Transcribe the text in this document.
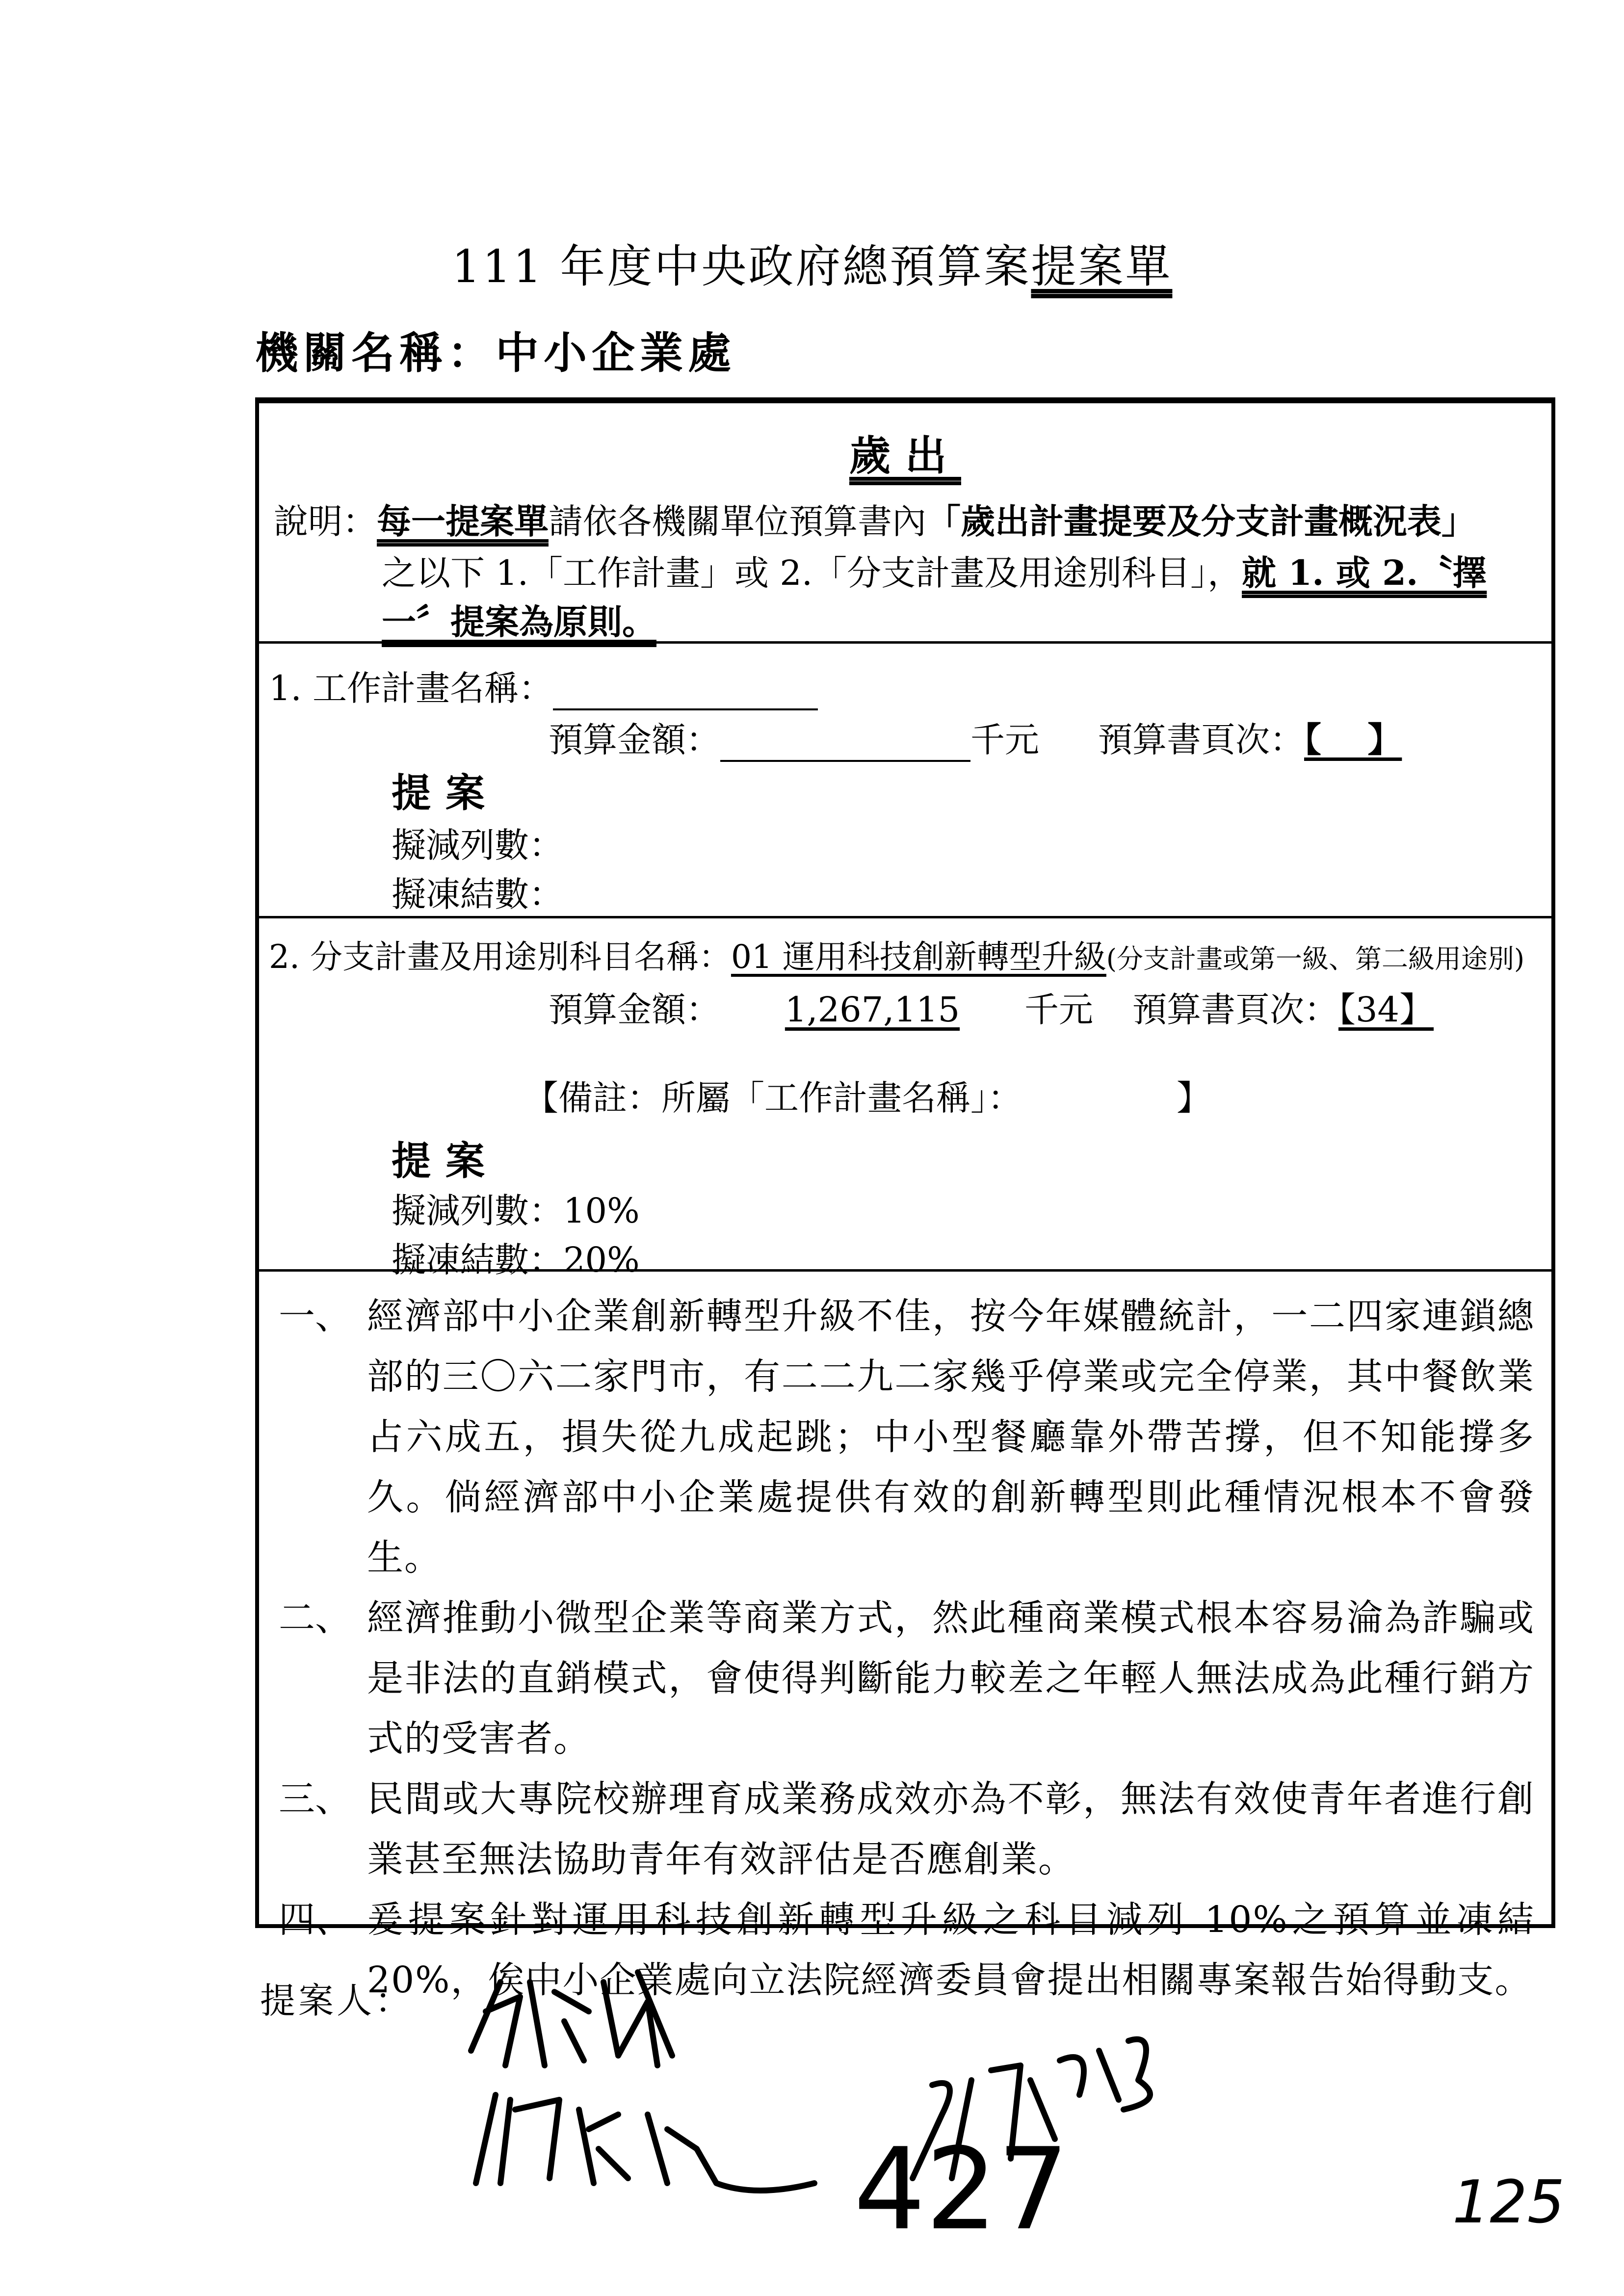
111 年度中央政府總預算案提案單
機關名稱：中小企業處
歲出
說明：每一提案單請依各機關單位預算書內「歲出計畫提要及分支計畫概況表」
之以下 1.「工作計畫」或 2.「分支計畫及用途別科目」，就 1. 或 2.〝擇
一〞提案為原則。
1. 工作計畫名稱：
預算金額：	千元 預算書頁次：【　 】
提案
擬減列數：
擬凍結數：
2. 分支計畫及用途別科目名稱：01 運用科技創新轉型升級(分支計畫或第一級、第二級用途別)
預算金額： 1,267,115 千元 預算書頁次：【34】
【備註：所屬「工作計畫名稱」：　　　　　】
提案
擬減列數：10%
擬凍結數：20%
一、 經濟部中小企業創新轉型升級不佳，按今年媒體統計，一二四家連鎖總部的三〇六二家門市，有二二九二家幾乎停業或完全停業，其中餐飲業占六成五，損失從九成起跳；中小型餐廳靠外帶苦撐，但不知能撐多久。倘經濟部中小企業處提供有效的創新轉型則此種情況根本不會發生。
二、 經濟推動小微型企業等商業方式，然此種商業模式根本容易淪為詐騙或是非法的直銷模式，會使得判斷能力較差之年輕人無法成為此種行銷方式的受害者。
三、 民間或大專院校辦理育成業務成效亦為不彰，無法有效使青年者進行創業甚至無法協助青年有效評估是否應創業。
四、 爰提案針對運用科技創新轉型升級之科目減列 10%之預算並凍結 20%，俟中小企業處向立法院經濟委員會提出相關專案報告始得動支。
提案人：
427	125
